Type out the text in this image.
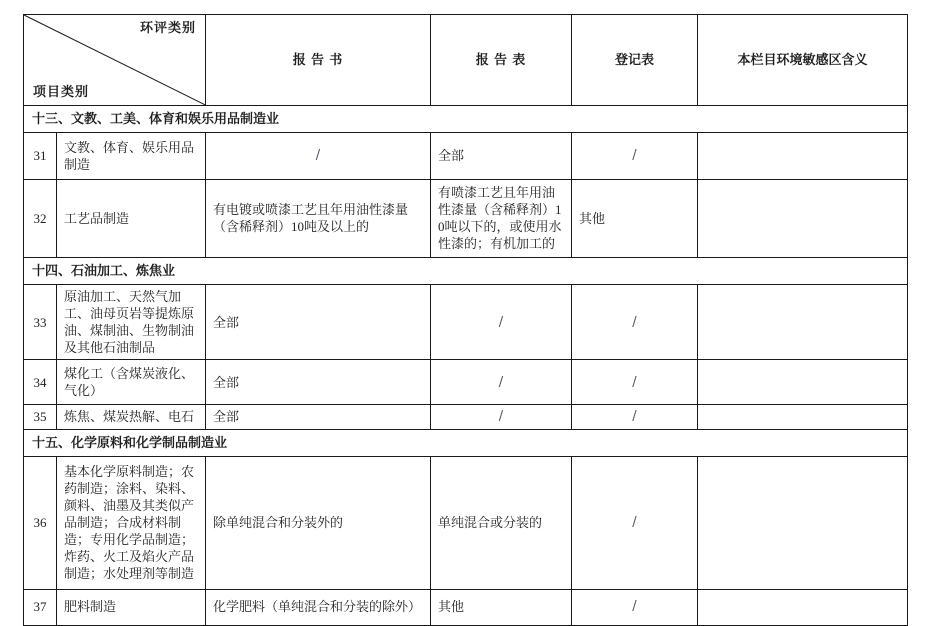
环评类别

项目类别		报 告 书	报 告 表	登记表	本栏目环境敏感区含义
十三、文教、工美、体育和娱乐用品制造业					
31	文教、体育、娱乐用品制造	/	全部	/	
32	工艺品制造	有电镀或喷漆工艺且年用油性漆量（含稀释剂）10吨及以上的	有喷漆工艺且年用油性漆量（含稀释剂）10吨以下的，或使用水性漆的；有机加工的	其他	
十四、石油加工、炼焦业					
33	原油加工、天然气加工、油母页岩等提炼原油、煤制油、生物制油及其他石油制品	全部	/	/	
34	煤化工（含煤炭液化、气化）	全部	/	/	
35	炼焦、煤炭热解、电石	全部	/	/	
十五、化学原料和化学制品制造业					
36	基本化学原料制造；农药制造；涂料、染料、颜料、油墨及其类似产品制造；合成材料制造；专用化学品制造；炸药、火工及焰火产品制造；水处理剂等制造	除单纯混合和分装外的	单纯混合或分装的	/	
37	肥料制造	化学肥料（单纯混合和分装的除外）	其他	/	
